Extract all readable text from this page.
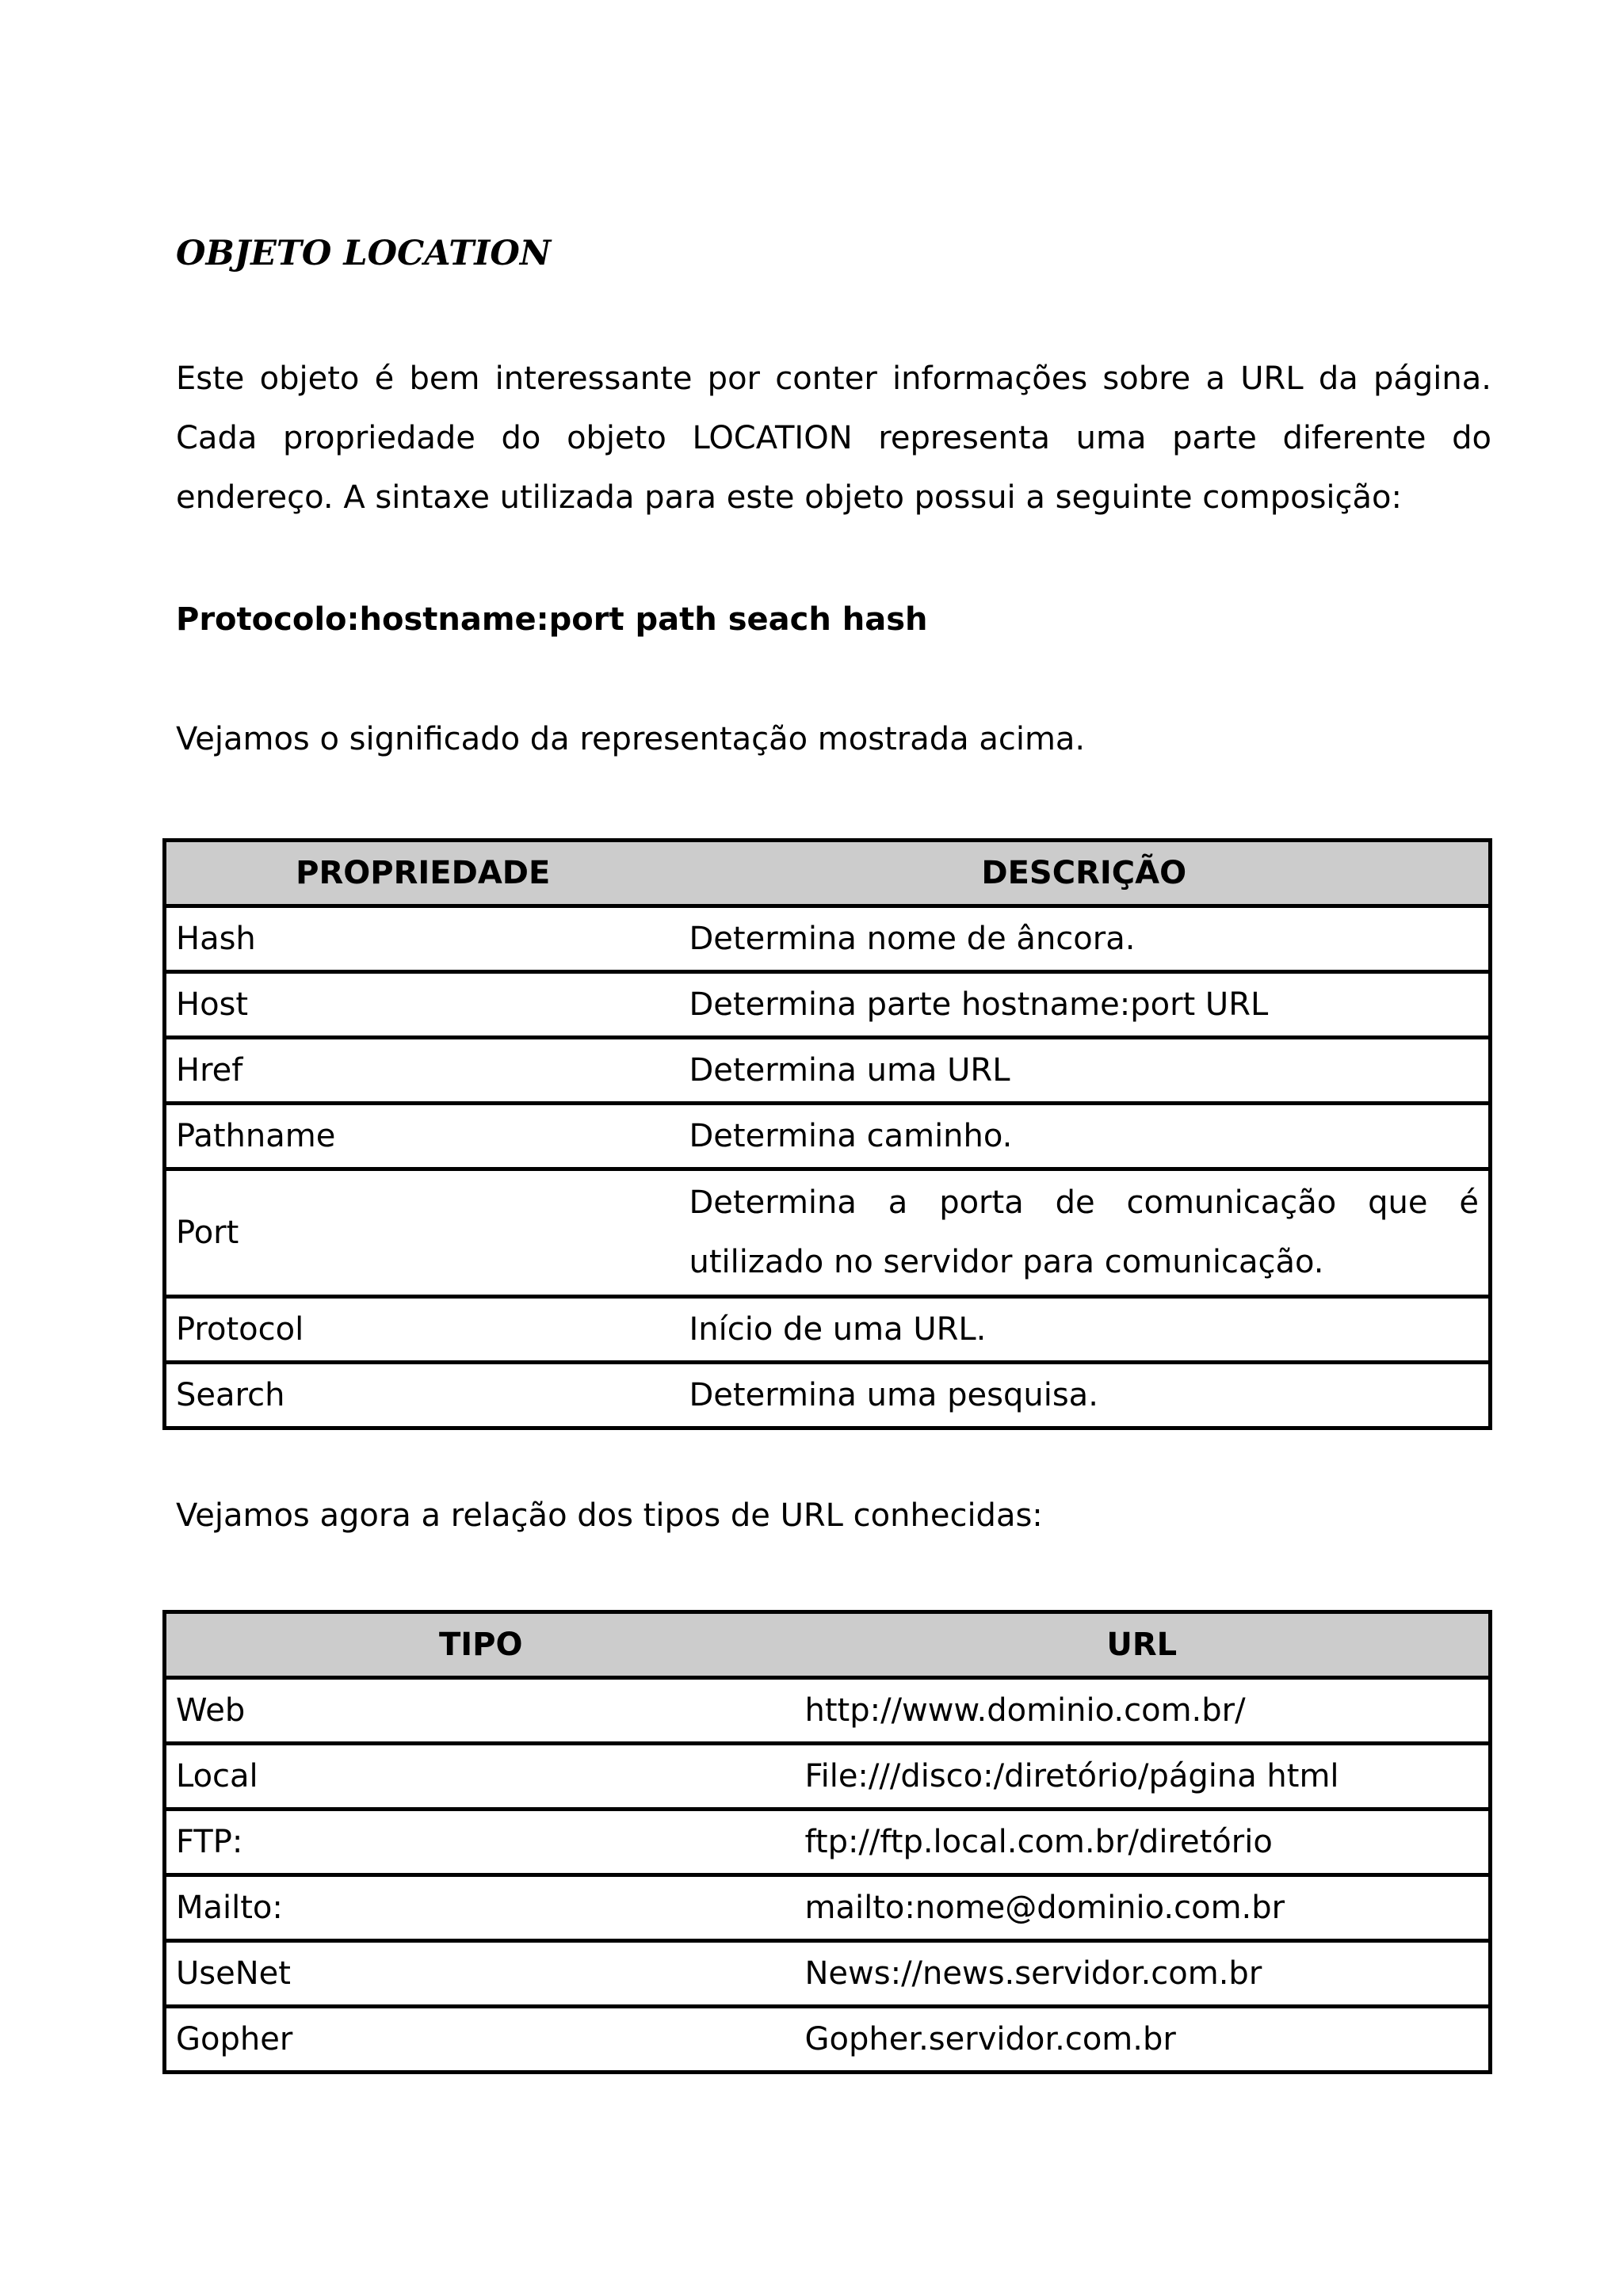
OBJETO LOCATION

Este objeto é bem interessante por conter informações sobre a URL da página. Cada propriedade do objeto LOCATION representa uma parte diferente do endereço. A sintaxe utilizada para este objeto possui a seguinte composição:

Protocolo:hostname:port path seach hash

Vejamos o significado da representação mostrada acima.

PROPRIEDADE	DESCRIÇÃO
Hash	Determina nome de âncora.
Host	Determina parte hostname:port URL
Href	Determina uma URL
Pathname	Determina caminho.
Port	Determina a porta de comunicação que é utilizado no servidor para comunicação.
Protocol	Início de uma URL.
Search	Determina uma pesquisa.

Vejamos agora a relação dos tipos de URL conhecidas:

TIPO	URL
Web	http://www.dominio.com.br/
Local	File:///disco:/diretório/página html
FTP:	ftp://ftp.local.com.br/diretório
Mailto:	mailto:nome@dominio.com.br
UseNet	News://news.servidor.com.br
Gopher	Gopher.servidor.com.br
